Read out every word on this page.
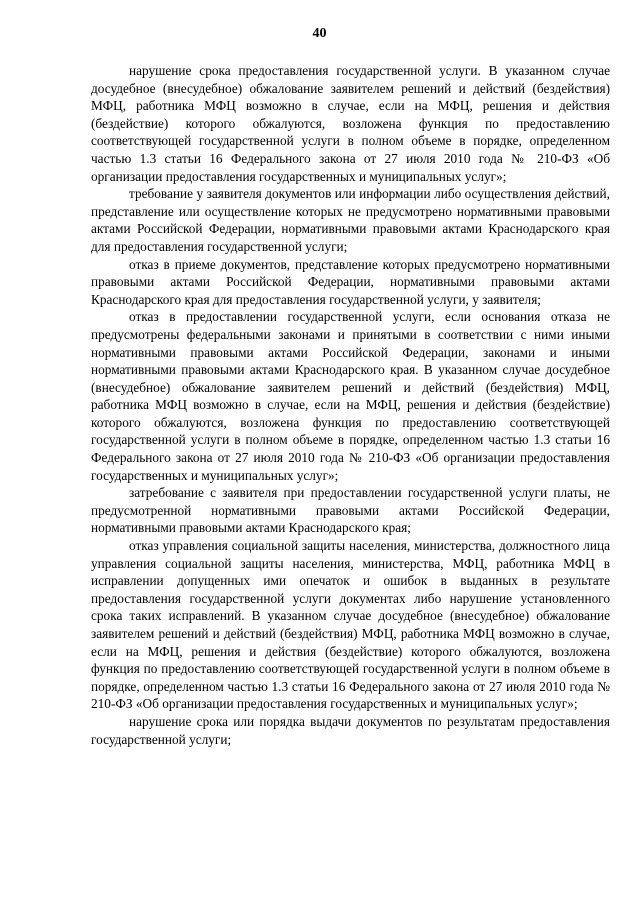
40

нарушение срока предоставления государственной услуги. В указанном случае досудебное (внесудебное) обжалование заявителем решений и действий (бездействия) МФЦ, работника МФЦ возможно в случае, если на МФЦ, решения и действия (бездействие) которого обжалуются, возложена функция по предоставлению соответствующей государственной услуги в полном объеме в порядке, определенном частью 1.3 статьи 16 Федерального закона от 27 июля 2010 года № 210-ФЗ «Об организации предоставления государственных и муниципальных услуг»;

требование у заявителя документов или информации либо осуществления действий, представление или осуществление которых не предусмотрено нормативными правовыми актами Российской Федерации, нормативными правовыми актами Краснодарского края для предоставления государственной услуги;

отказ в приеме документов, представление которых предусмотрено нормативными правовыми актами Российской Федерации, нормативными правовыми актами Краснодарского края для предоставления государственной услуги, у заявителя;

отказ в предоставлении государственной услуги, если основания отказа не предусмотрены федеральными законами и принятыми в соответствии с ними иными нормативными правовыми актами Российской Федерации, законами и иными нормативными правовыми актами Краснодарского края. В указанном случае досудебное (внесудебное) обжалование заявителем решений и действий (бездействия) МФЦ, работника МФЦ возможно в случае, если на МФЦ, решения и действия (бездействие) которого обжалуются, возложена функция по предоставлению соответствующей государственной услуги в полном объеме в порядке, определенном частью 1.3 статьи 16 Федерального закона от 27 июля 2010 года № 210-ФЗ «Об организации предоставления государственных и муниципальных услуг»;

затребование с заявителя при предоставлении государственной услуги платы, не предусмотренной нормативными правовыми актами Российской Федерации, нормативными правовыми актами Краснодарского края;

отказ управления социальной защиты населения, министерства, должностного лица управления социальной защиты населения, министерства, МФЦ, работника МФЦ в исправлении допущенных ими опечаток и ошибок в выданных в результате предоставления государственной услуги документах либо нарушение установленного срока таких исправлений. В указанном случае досудебное (внесудебное) обжалование заявителем решений и действий (бездействия) МФЦ, работника МФЦ возможно в случае, если на МФЦ, решения и действия (бездействие) которого обжалуются, возложена функция по предоставлению соответствующей государственной услуги в полном объеме в порядке, определенном частью 1.3 статьи 16 Федерального закона от 27 июля 2010 года № 210-ФЗ «Об организации предоставления государственных и муниципальных услуг»;

нарушение срока или порядка выдачи документов по результатам предоставления государственной услуги;
